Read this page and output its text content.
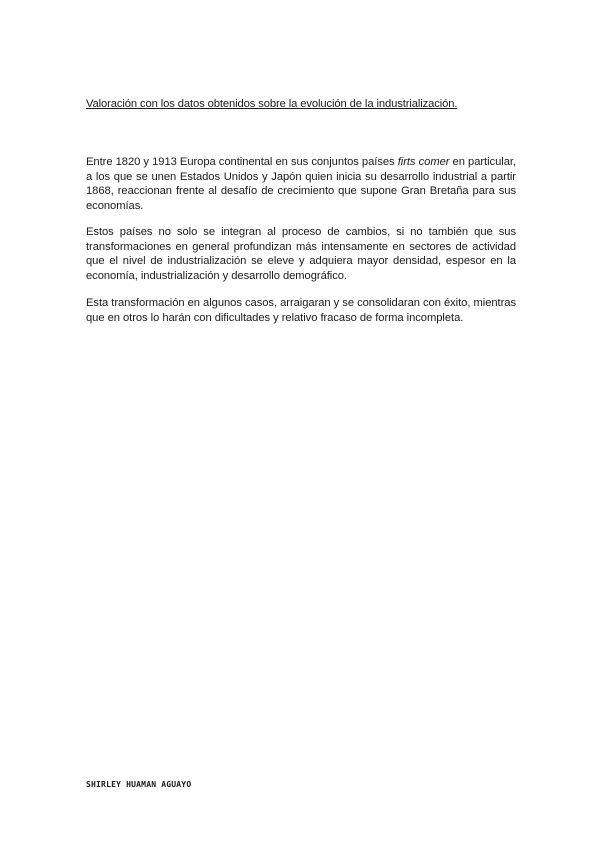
Valoración con los datos obtenidos sobre la evolución de la industrialización.

Entre 1820 y 1913 Europa continental en sus conjuntos países firts comer en particular, a los que se unen Estados Unidos y Japón quien inicia su desarrollo industrial a partir 1868, reaccionan frente al desafío de crecimiento que supone Gran Bretaña para sus economías.

Estos países no solo se integran al proceso de cambios, si no también que sus transformaciones en general profundizan más intensamente en sectores de actividad que el nivel de industrialización se eleve y adquiera mayor densidad, espesor en la economía, industrialización y desarrollo demográfico.

Esta transformación en algunos casos, arraigaran y se consolidaran con éxito, mientras que en otros lo harán con dificultades y relativo fracaso de forma incompleta.

SHIRLEY HUAMAN AGUAYO
